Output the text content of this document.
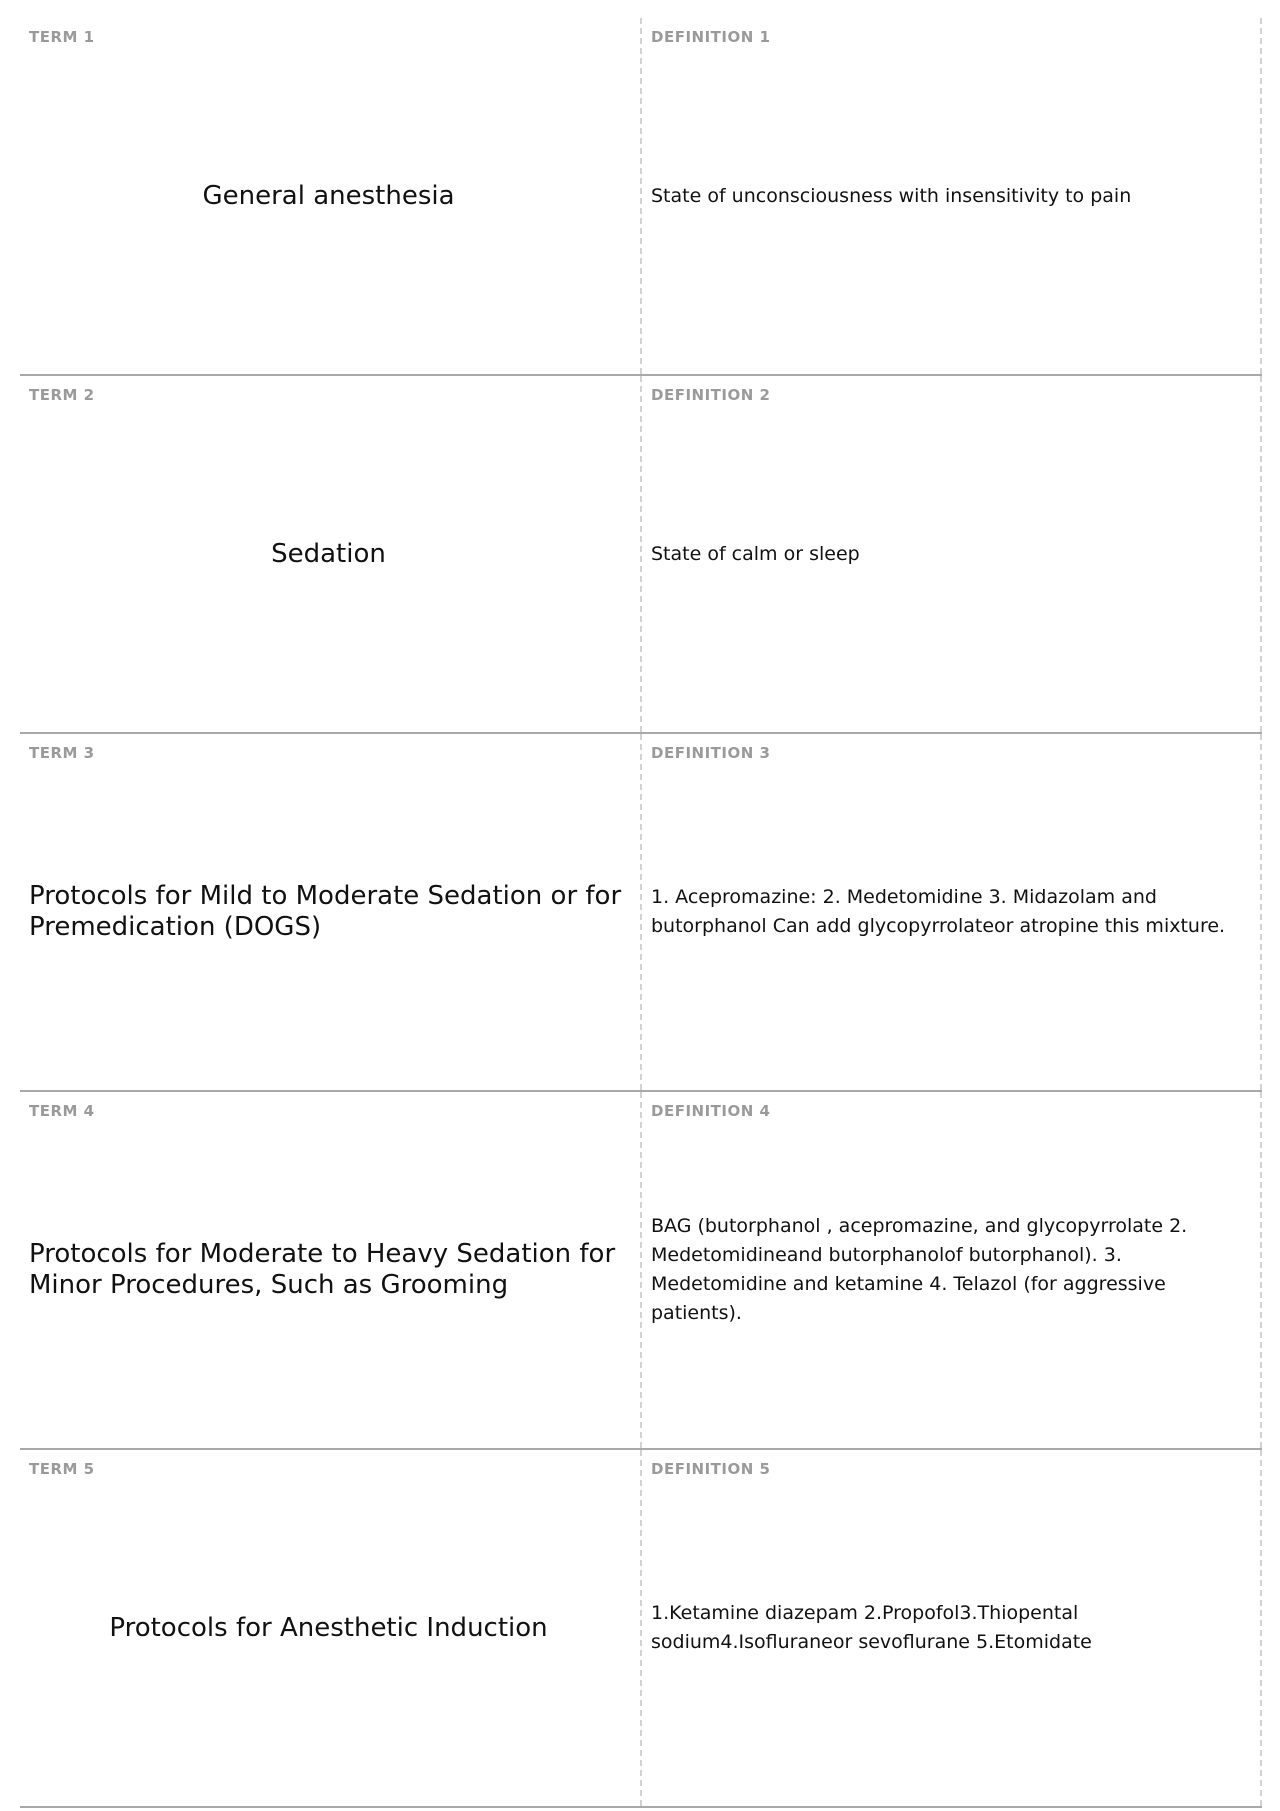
TERM 1
General anesthesia
DEFINITION 1
State of unconsciousness with insensitivity to pain
TERM 2
Sedation
DEFINITION 2
State of calm or sleep
TERM 3
Protocols for Mild to Moderate Sedation or for Premedication (DOGS)
DEFINITION 3
1. Acepromazine: 2. Medetomidine 3. Midazolam and butorphanol Can add glycopyrrolateor atropine this mixture.
TERM 4
Protocols for Moderate to Heavy Sedation for Minor Procedures, Such as Grooming
DEFINITION 4
BAG (butorphanol , acepromazine, and glycopyrrolate 2. Medetomidineand butorphanolof butorphanol). 3. Medetomidine and ketamine 4. Telazol (for aggressive patients).
TERM 5
Protocols for Anesthetic Induction
DEFINITION 5
1.Ketamine diazepam 2.Propofol3.Thiopental sodium4.Isofluraneor sevoflurane 5.Etomidate
